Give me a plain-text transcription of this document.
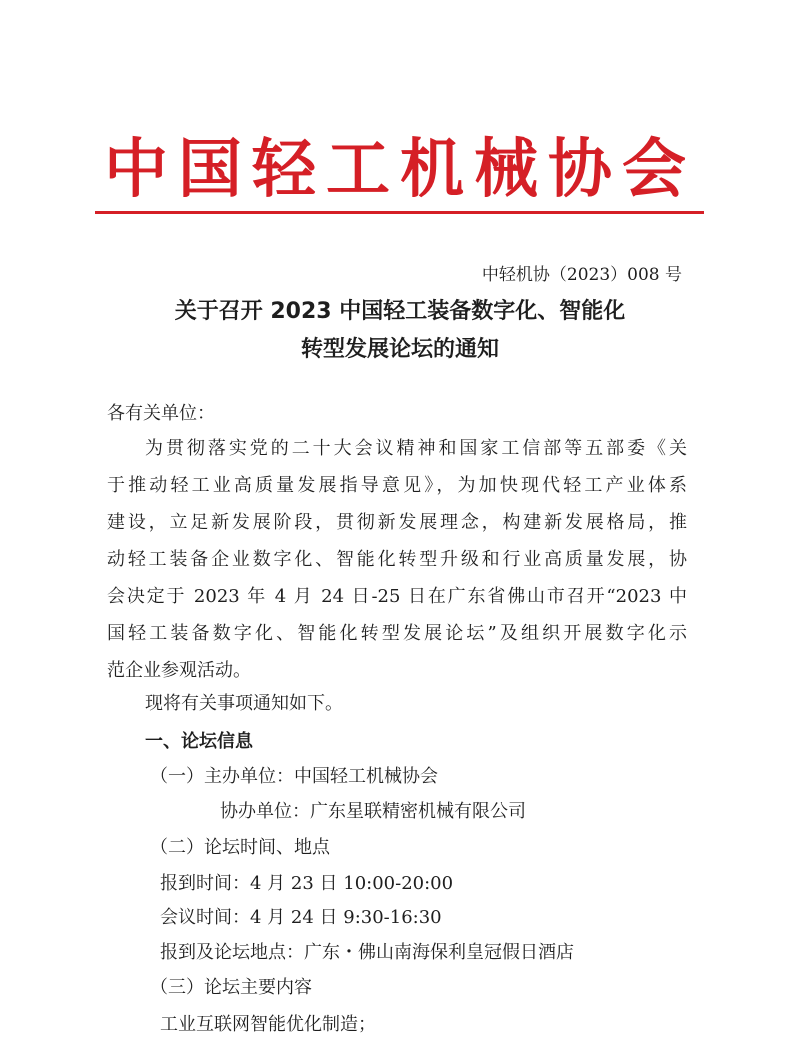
中国轻工机械协会
中轻机协（2023）008 号
关于召开 2023 中国轻工装备数字化、智能化
转型发展论坛的通知
各有关单位：
为贯彻落实党的二十大会议精神和国家工信部等五部委《关
于推动轻工业高质量发展指导意见》，为加快现代轻工产业体系
建设，立足新发展阶段，贯彻新发展理念，构建新发展格局，推
动轻工装备企业数字化、智能化转型升级和行业高质量发展，协
会决定于 2023 年 4 月 24 日-25 日在广东省佛山市召开“2023 中
国轻工装备数字化、智能化转型发展论坛”及组织开展数字化示
范企业参观活动。
现将有关事项通知如下。
一、论坛信息
（一）主办单位：中国轻工机械协会
协办单位：广东星联精密机械有限公司
（二）论坛时间、地点
报到时间：4 月 23 日 10:00-20:00
会议时间：4 月 24 日 9:30-16:30
报到及论坛地点：广东・佛山南海保利皇冠假日酒店
（三）论坛主要内容
工业互联网智能优化制造；
